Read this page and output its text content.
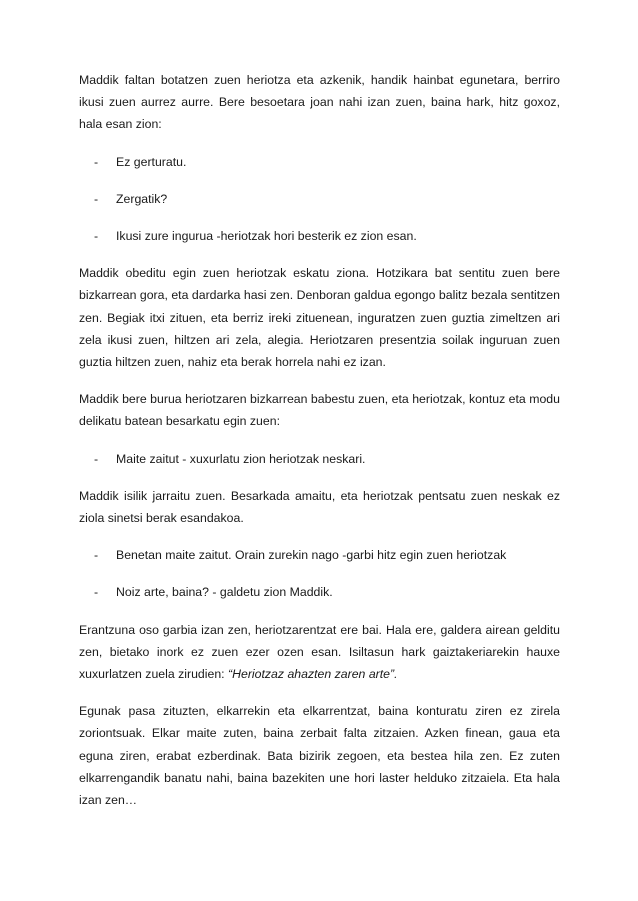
Maddik faltan botatzen zuen heriotza eta azkenik, handik hainbat egunetara, berriro ikusi zuen aurrez aurre. Bere besoetara joan nahi izan zuen, baina hark, hitz goxoz, hala esan zion:

- Ez gerturatu.

- Zergatik?

- Ikusi zure ingurua -heriotzak hori besterik ez zion esan.

Maddik obeditu egin zuen heriotzak eskatu ziona. Hotzikara bat sentitu zuen bere bizkarrean gora, eta dardarka hasi zen. Denboran galdua egongo balitz bezala sentitzen zen. Begiak itxi zituen, eta berriz ireki zituenean, inguratzen zuen guztia zimeltzen ari zela ikusi zuen, hiltzen ari zela, alegia. Heriotzaren presentzia soilak inguruan zuen guztia hiltzen zuen, nahiz eta berak horrela nahi ez izan.

Maddik bere burua heriotzaren bizkarrean babestu zuen, eta heriotzak, kontuz eta modu delikatu batean besarkatu egin zuen:

- Maite zaitut - xuxurlatu zion heriotzak neskari.

Maddik isilik jarraitu zuen. Besarkada amaitu, eta heriotzak pentsatu zuen neskak ez ziola sinetsi berak esandakoa.

- Benetan maite zaitut. Orain zurekin nago -garbi hitz egin zuen heriotzak

- Noiz arte, baina? - galdetu zion Maddik.

Erantzuna oso garbia izan zen, heriotzarentzat ere bai. Hala ere, galdera airean gelditu zen, bietako inork ez zuen ezer ozen esan. Isiltasun hark gaiztakeriarekin hauxe xuxurlatzen zuela zirudien: “Heriotzaz ahazten zaren arte”.

Egunak pasa zituzten, elkarrekin eta elkarrentzat, baina konturatu ziren ez zirela zoriontsuak. Elkar maite zuten, baina zerbait falta zitzaien. Azken finean, gaua eta eguna ziren, erabat ezberdinak. Bata bizirik zegoen, eta bestea hila zen. Ez zuten elkarrengandik banatu nahi, baina bazekiten une hori laster helduko zitzaiela. Eta hala izan zen…
